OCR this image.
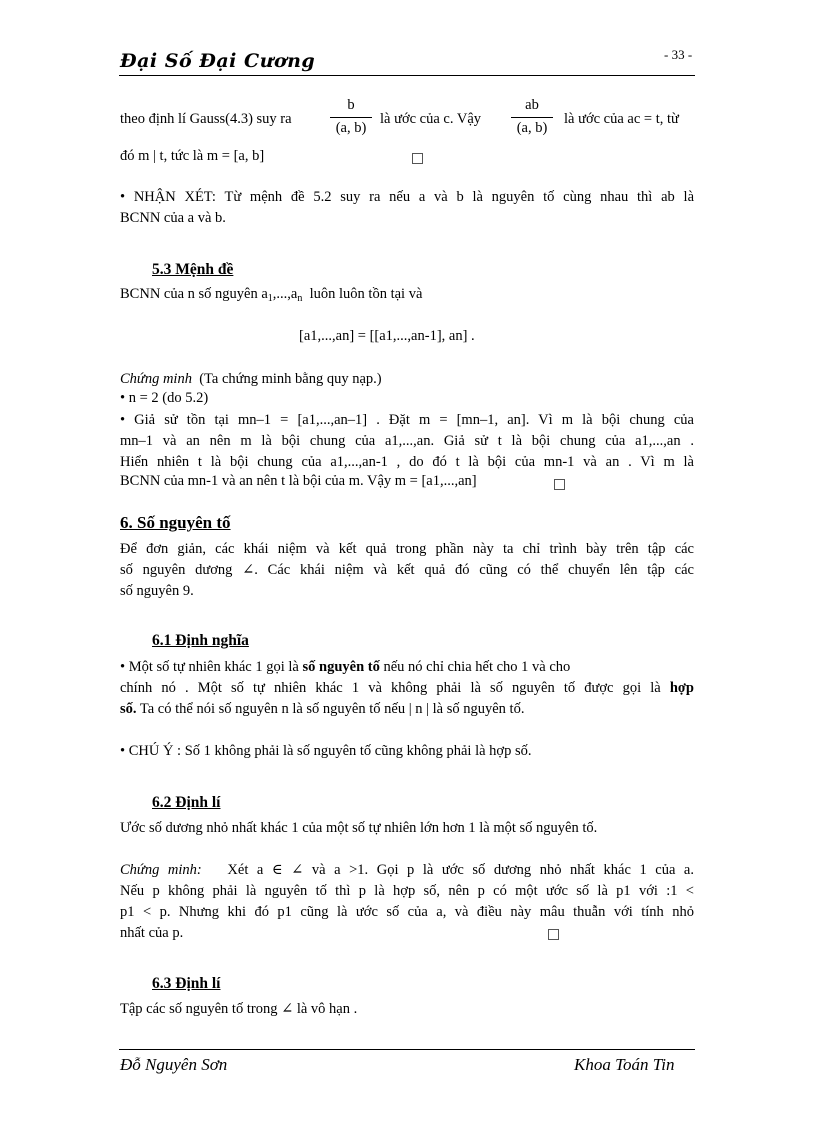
Đại Số Đại Cương	- 33 -
theo định lí Gauss(4.3) suy ra
b
(a, b)
là ước của c. Vậy
ab
(a, b)
là ước của ac = t, từ
đó m | t, tức là m = [a, b]
• NHẬN XÉT: Từ mệnh đề 5.2 suy ra nếu a và b là nguyên tố cùng nhau thì ab là
BCNN của a và b.
5.3 Mệnh đề
BCNN của n số nguyên $a_1,...,a_n$ luôn luôn tồn tại và
[a1,...,an] = [[a1,...,an-1], an] .
Chứng minh (Ta chứng minh bằng quy nạp.)
• n = 2 (do 5.2)
• Giả sử tồn tại mn–1 = [a1,...,an–1] . Đặt m = [mn–1, an]. Vì m là bội chung của
mn–1 và an nên m là bội chung của a1,...,an. Giả sử t là bội chung của a1,...,an .
Hiển nhiên t là bội chung của a1,...,an-1 , do đó t là bội của mn-1 và an . Vì m là
BCNN của mn-1 và an nên t là bội của m. Vậy m = [a1,...,an]
6. Số nguyên tố
Để đơn giản, các khái niệm và kết quả trong phần này ta chỉ trình bày trên tập các
số nguyên dương ∠. Các khái niệm và kết quả đó cũng có thể chuyển lên tập các
số nguyên 9.
6.1 Định nghĩa
• Một số tự nhiên khác 1 gọi là số nguyên tố nếu nó chỉ chia hết cho 1 và cho
chính nó . Một số tự nhiên khác 1 và không phải là số nguyên tố được gọi là hợp
số. Ta có thể nói số nguyên n là số nguyên tố nếu | n | là số nguyên tố.
• CHÚ Ý : Số 1 không phải là số nguyên tố cũng không phải là hợp số.
6.2 Định lí
Ước số dương nhỏ nhất khác 1 của một số tự nhiên lớn hơn 1 là một số nguyên tố.
Chứng minh: Xét a ∈ ∠ và a >1. Gọi p là ước số dương nhỏ nhất khác 1 của a.
Nếu p không phải là nguyên tố thì p là hợp số, nên p có một ước số là p1 với :1 <
p1 < p. Nhưng khi đó p1 cũng là ước số của a, và điều này mâu thuẫn với tính nhỏ
nhất của p.
6.3 Định lí
Tập các số nguyên tố trong ∠ là vô hạn .
Đỗ Nguyên Sơn	Khoa Toán Tin
